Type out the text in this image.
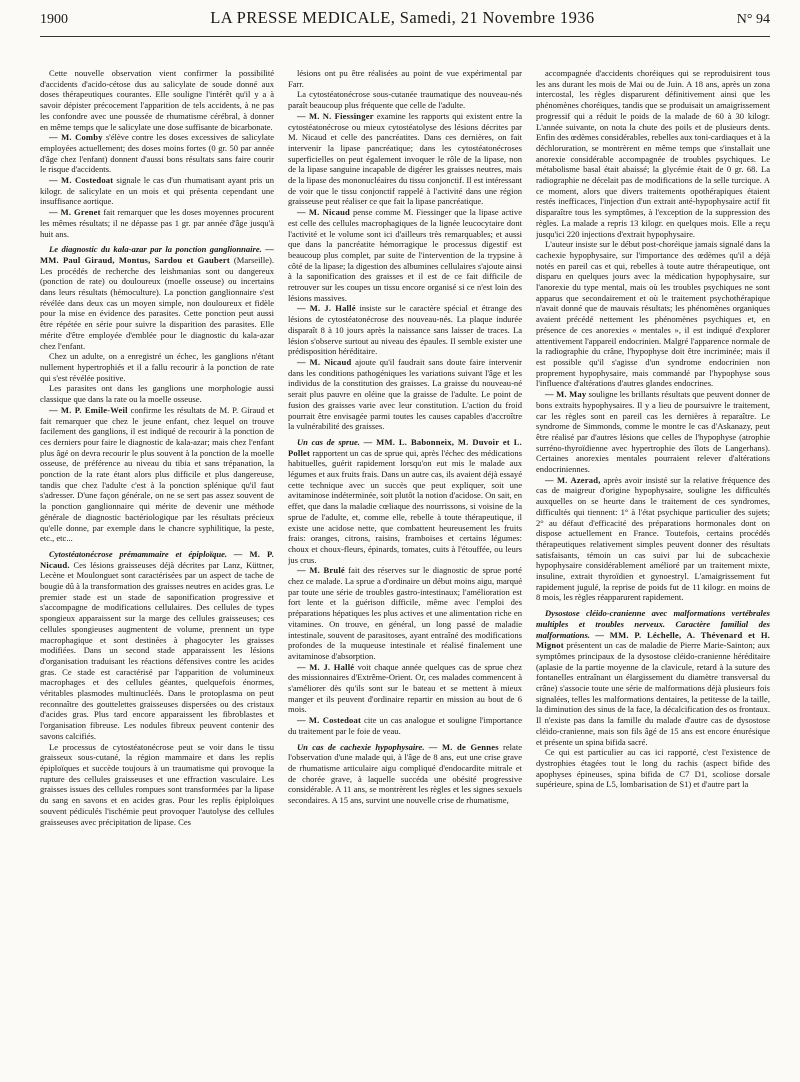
1900	LA PRESSE MEDICALE, Samedi, 21 Novembre 1936	N° 94

Cette nouvelle observation vient confirmer la possibilité d'accidents d'acido-cétose dus au salicylate de soude donné aux doses thérapeutiques courantes. Elle souligne l'intérêt qu'il y a à savoir dépister précocement l'apparition de tels accidents, à ne pas les confondre avec une poussée de rhumatisme cérébral, à donner en même temps que le salicylate une dose suffisante de bicarbonate.

— M. Comby s'élève contre les doses excessives de salicylate employées actuellement; des doses moins fortes (0 gr. 50 par année d'âge chez l'enfant) donnent d'aussi bons résultats sans faire courir le risque d'accidents.

— M. Costedoat signale le cas d'un rhumatisant ayant pris un kilogr. de salicylate en un mois et qui présenta cependant une insuffisance aortique.

— M. Grenet fait remarquer que les doses moyennes procurent les mêmes résultats; il ne dépasse pas 1 gr. par année d'âge jusqu'à huit ans.

Le diagnostic du kala-azar par la ponction ganglionnaire. — MM. Paul Giraud, Montus, Sardou et Gaubert (Marseille). Les procédés de recherche des leishmanias sont ou dangereux (ponction de rate) ou douloureux (moelle osseuse) ou incertains dans leurs résultats (hémoculture). La ponction ganglionnaire s'est révélée dans deux cas un moyen simple, non douloureux et fidèle pour la mise en évidence des parasites. Cette ponction peut aussi être répétée en série pour suivre la disparition des parasites. Elle mérite d'être employée d'emblée pour le diagnostic du kala-azar chez l'enfant.

Chez un adulte, on a enregistré un échec, les ganglions n'étant nullement hypertrophiés et il a fallu recourir à la ponction de rate qui s'est révélée positive.

Les parasites ont dans les ganglions une morphologie aussi classique que dans la rate ou la moelle osseuse.

— M. P. Emile-Weil confirme les résultats de M. P. Giraud et fait remarquer que chez le jeune enfant, chez lequel on trouve facilement des ganglions, il est indiqué de recourir à la ponction de ces derniers pour faire le diagnostic de kala-azar; mais chez l'enfant plus âgé on devra recourir le plus souvent à la ponction de la moelle osseuse, de préférence au niveau du tibia et sans trépanation, la ponction de la rate étant alors plus difficile et plus dangereuse, tandis que chez l'adulte c'est à la ponction splénique qu'il faut s'adresser. D'une façon générale, on ne se sert pas assez souvent de la ponction ganglionnaire qui mérite de devenir une méthode générale de diagnostic bactériologique par les résultats précieux qu'elle donne, par exemple dans le chancre syphilitique, la peste, etc., etc...

Cytostéatonécrose prémammaire et épiploïque. — M. P. Nicaud. Ces lésions graisseuses déjà décrites par Lanz, Küttner, Lecène et Moulonguet sont caractérisées par un aspect de tache de bougie dû à la transformation des graisses neutres en acides gras. Le premier stade est un stade de saponification progressive et s'accompagne de modifications cellulaires. Des cellules de types spongieux apparaissent sur la marge des cellules graisseuses; ces cellules spongieuses augmentent de volume, prennent un type macrophagique et sont destinées à phagocyter les graisses modifiées. Dans un second stade apparaissent les lésions d'organisation traduisant les réactions défensives contre les acides gras. Ce stade est caractérisé par l'apparition de volumineux macrophages et des cellules géantes, quelquefois énormes, véritables plasmodes multinucléés. Dans le protoplasma on peut reconnaître des gouttelettes graisseuses dispersées ou des cristaux d'acides gras. Plus tard encore apparaissent les fibroblastes et l'organisation fibreuse. Les nodules fibreux peuvent contenir des savons calcifiés.

Le processus de cytostéatonécrose peut se voir dans le tissu graisseux sous-cutané, la région mammaire et dans les replis épiploïques et succède toujours à un traumatisme qui provoque la rupture des cellules graisseuses et une effraction vasculaire. Les graisses issues des cellules rompues sont transformées par la lipase du sang en savons et en acides gras. Pour les replis épiploïques souvent pédiculés l'ischémie peut provoquer l'autolyse des cellules graisseuses avec précipitation de lipase. Ces

lésions ont pu être réalisées au point de vue expérimental par Farr.

La cytostéatonécrose sous-cutanée traumatique des nouveau-nés paraît beaucoup plus fréquente que celle de l'adulte.

— M. N. Fiessinger examine les rapports qui existent entre la cytostéatonécrose ou mieux cytostéatolyse des lésions décrites par M. Nicaud et celle des pancréatites. Dans ces dernières, on fait intervenir la lipase pancréatique; dans les cytostéatonécroses superficielles on peut également invoquer le rôle de la lipase, non de la lipase sanguine incapable de digérer les graisses neutres, mais de la lipase des mononucléaires du tissu conjonctif. Il est intéressant de voir que le tissu conjonctif rappelé à l'activité dans une région graisseuse peut réaliser ce que fait la lipase pancréatique.

— M. Nicaud pense comme M. Fiessinger que la lipase active est celle des cellules macrophagiques de la lignée leucocytaire dont l'activité et le volume sont ici d'ailleurs très remarquables; et aussi que dans la pancréatite hémorragique le processus digestif est beaucoup plus complet, par suite de l'intervention de la trypsine à côté de la lipase; la digestion des albumines cellulaires s'ajoute ainsi à la saponification des graisses et il est de ce fait difficile de retrouver sur les coupes un tissu encore organisé si ce n'est loin des lésions massives.

— M. J. Hallé insiste sur le caractère spécial et étrange des lésions de cytostéatonécrose des nouveau-nés. La plaque indurée disparaît 8 à 10 jours après la naissance sans laisser de traces. La lésion s'observe surtout au niveau des épaules. Il semble exister une prédisposition héréditaire.

— M. Nicaud ajoute qu'il faudrait sans doute faire intervenir dans les conditions pathogéniques les variations suivant l'âge et les individus de la constitution des graisses. La graisse du nouveau-né serait plus pauvre en oléine que la graisse de l'adulte. Le point de fusion des graisses varie avec leur constitution. L'action du froid pourrait être envisagée parmi toutes les causes capables d'accroître la vulnérabilité des graisses.

Un cas de sprue. — MM. L. Babonneix, M. Duvoir et L. Pollet rapportent un cas de sprue qui, après l'échec des médications habituelles, guérit rapidement lorsqu'on eut mis le malade aux légumes et aux fruits frais. Dans un autre cas, ils avaient déjà essayé cette technique avec un succès que peut expliquer, soit une avitaminose indéterminée, soit plutôt la notion d'acidose. On sait, en effet, que dans la maladie cœliaque des nourrissons, si voisine de la sprue de l'adulte, et, comme elle, rebelle à toute thérapeutique, il existe une acidose nette, que combattent heureusement les fruits frais: oranges, citrons, raisins, framboises et certains légumes: choux et choux-fleurs, épinards, tomates, cuits à l'étouffée, ou leurs jus crus.

— M. Brulé fait des réserves sur le diagnostic de sprue porté chez ce malade. La sprue a d'ordinaire un début moins aigu, marqué par toute une série de troubles gastro-intestinaux; l'amélioration est fort lente et la guérison difficile, même avec l'emploi des préparations hépatiques les plus actives et une alimentation riche en vitamines. On trouve, en général, un long passé de maladie intestinale, souvent de parasitoses, ayant entraîné des modifications profondes de la muqueuse intestinale et réalisé finalement une avitaminose d'absorption.

— M. J. Hallé voit chaque année quelques cas de sprue chez des missionnaires d'Extrême-Orient. Or, ces malades commencent à s'améliorer dès qu'ils sont sur le bateau et se mettent à mieux manger et ils peuvent d'ordinaire repartir en mission au bout de 6 mois.

— M. Costedoat cite un cas analogue et souligne l'importance du traitement par le foie de veau.

Un cas de cachexie hypophysaire. — M. de Gennes relate l'observation d'une malade qui, à l'âge de 8 ans, eut une crise grave de rhumatisme articulaire aigu compliqué d'endocardite mitrale et de chorée grave, à laquelle succéda une obésité progressive considérable. A 11 ans, se montrèrent les règles et les signes sexuels secondaires. A 15 ans, survint une nouvelle crise de rhumatisme,

accompagnée d'accidents choréiques qui se reproduisirent tous les ans durant les mois de Mai ou de Juin. A 18 ans, après un zona intercostal, les règles disparurent définitivement ainsi que les phénomènes choréiques, tandis que se produisait un amaigrissement progressif qui a réduit le poids de la malade de 60 à 30 kilogr. L'année suivante, on nota la chute des poils et de plusieurs dents. Enfin des œdèmes considérables, rebelles aux toni-cardiaques et à la déchloruration, se montrèrent en même temps que s'installait une anorexie considérable accompagnée de troubles psychiques. Le métabolisme basal était abaissé; la glycémie était de 0 gr. 68. La radiographie ne décelait pas de modifications de la selle turcique. A ce moment, alors que divers traitements opothérapiques étaient restés inefficaces, l'injection d'un extrait anté-hypophysaire actif fit disparaître tous les symptômes, à l'exception de la suppression des règles. La malade a repris 13 kilogr. en quelques mois. Elle a reçu jusqu'ici 220 injections d'extrait hypophysaire.

L'auteur insiste sur le début post-choréique jamais signalé dans la cachexie hypophysaire, sur l'importance des œdèmes qu'il a déjà notés en pareil cas et qui, rebelles à toute autre thérapeutique, ont disparu en quelques jours avec la médication hypophysaire, sur l'anorexie du type mental, mais où les troubles psychiques ne sont apparus que secondairement et où le traitement psychothérapique n'avait donné que de mauvais résultats; les phénomènes organiques avaient précédé nettement les phénomènes psychiques et, en présence de ces anorexies « mentales », il est indiqué d'explorer attentivement l'appareil endocrinien. Malgré l'apparence normale de la radiographie du crâne, l'hypophyse doit être incriminée; mais il est possible qu'il s'agisse d'un syndrome endocrinien non proprement hypophysaire, mais commandé par l'hypophyse sous l'influence d'altérations d'autres glandes endocrines.

— M. May souligne les brillants résultats que peuvent donner de bons extraits hypophysaires. Il y a lieu de poursuivre le traitement, car les règles sont en pareil cas les dernières à reparaître. Le syndrome de Simmonds, comme le montre le cas d'Askanazy, peut être réalisé par d'autres lésions que celles de l'hypophyse (atrophie surréno-thyroïdienne avec hypertrophie des îlots de Langerhans). Certaines anorexies mentales pourraient relever d'altérations endocriniennes.

— M. Azerad, après avoir insisté sur la relative fréquence des cas de maigreur d'origine hypophysaire, souligne les difficultés auxquelles on se heurte dans le traitement de ces syndromes, difficultés qui tiennent: 1° à l'état psychique particulier des sujets; 2° au défaut d'efficacité des préparations hormonales dont on dispose actuellement en France. Toutefois, certains procédés thérapeutiques relativement simples peuvent donner des résultats satisfaisants, témoin un cas suivi par lui de subcachexie hypophysaire considérablement amélioré par un traitement mixte, insuline, extrait thyroïdien et gynoestryl. L'amaigrissement fut rapidement jugulé, la reprise de poids fut de 11 kilogr. en moins de 8 mois, les règles réapparurent rapidement.

Dysostose cléido-cranienne avec malformations vertébrales multiples et troubles nerveux. Caractère familial des malformations. — MM. P. Léchelle, A. Thévenard et H. Mignot présentent un cas de maladie de Pierre Marie-Sainton; aux symptômes principaux de la dysostose cléido-cranienne héréditaire (aplasie de la partie moyenne de la clavicule, retard à la suture des fontanelles entraînant un élargissement du diamètre transversal du crâne) s'associe toute une série de malformations déjà plusieurs fois signalées, telles les malformations dentaires, la petitesse de la taille, la diminution des sinus de la face, la décalcification des os frontaux. Il n'existe pas dans la famille du malade d'autre cas de dysostose cléido-cranienne, mais son fils âgé de 15 ans est encore énurésique et présente un spina bifida sacré.

Ce qui est particulier au cas ici rapporté, c'est l'existence de dystrophies étagées tout le long du rachis (aspect bifide des apophyses épineuses, spina bifida de C7 D1, scoliose dorsale supérieure, spina de L5, lombarisation de S1) et d'autre part la
